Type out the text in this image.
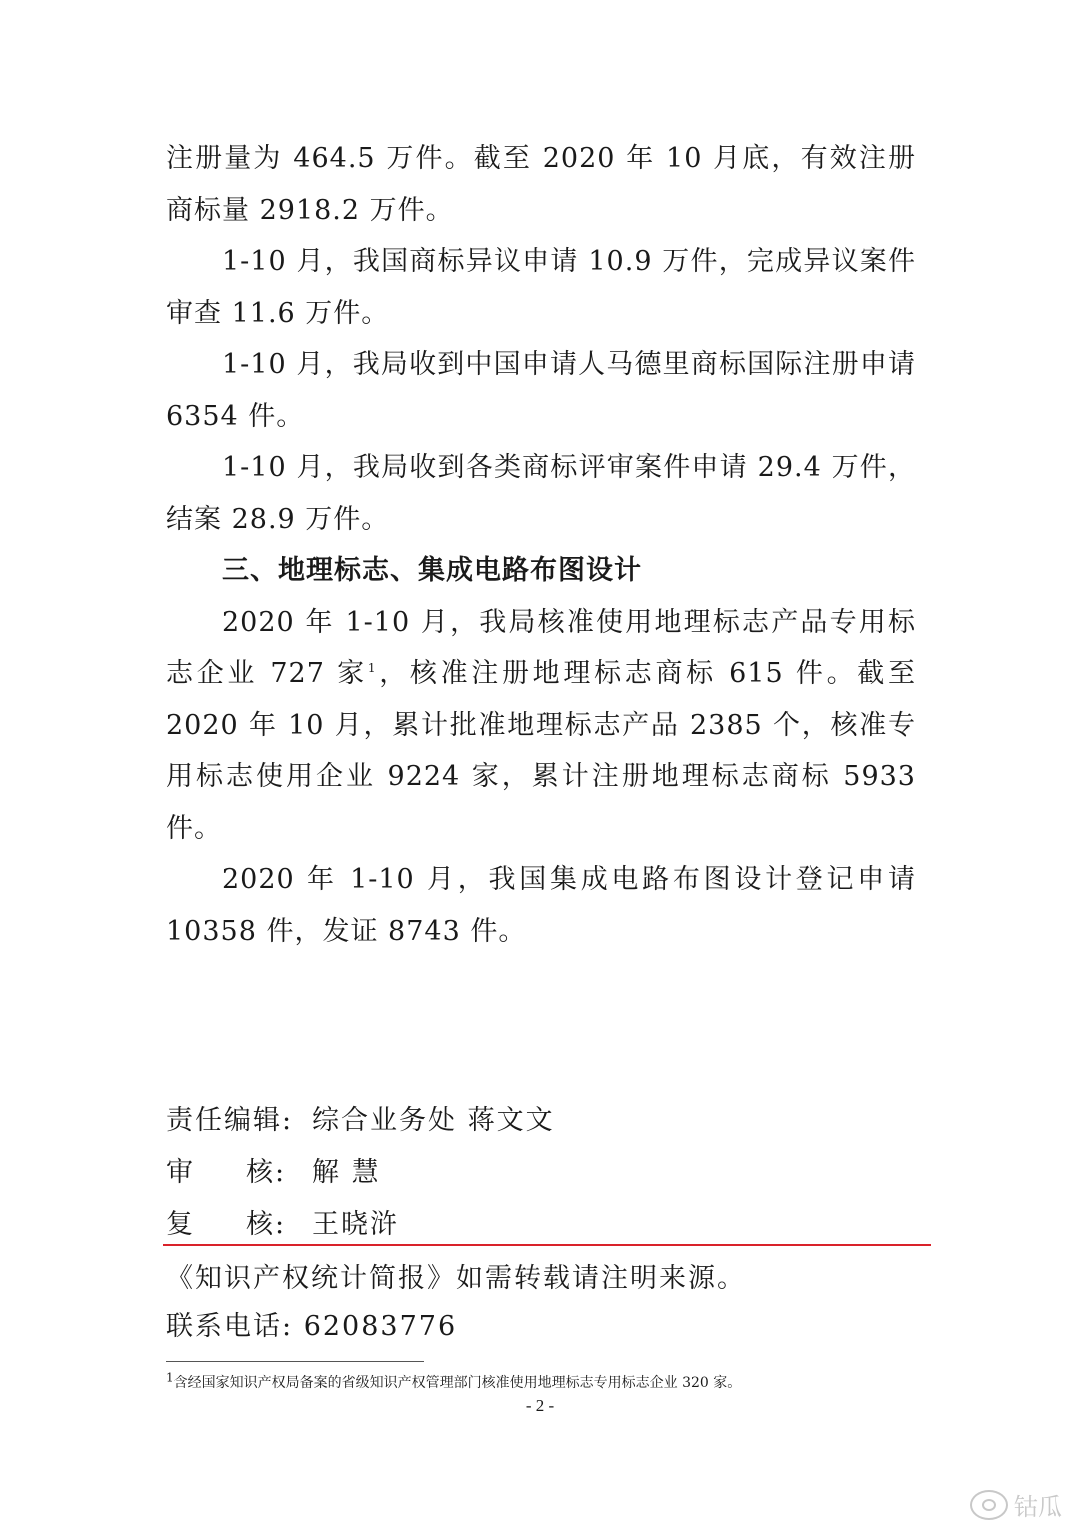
注册量为 464.5 万件。截至 2020 年 10 月底，有效注册商标量 2918.2 万件。

1-10 月，我国商标异议申请 10.9 万件，完成异议案件审查 11.6 万件。

1-10 月，我局收到中国申请人马德里商标国际注册申请 6354 件。

1-10 月，我局收到各类商标评审案件申请 29.4 万件，结案 28.9 万件。

三、地理标志、集成电路布图设计

2020 年 1-10 月，我局核准使用地理标志产品专用标志企业 727 家$^1$，核准注册地理标志商标 615 件。截至 2020 年 10 月，累计批准地理标志产品 2385 个，核准专用标志使用企业 9224 家，累计注册地理标志商标 5933 件。

2020 年 1-10 月，我国集成电路布图设计登记申请 10358 件，发证 8743 件。

责任编辑: 综合业务处 蒋文文
审 核: 解 慧
复 核: 王晓浒
《知识产权统计简报》如需转载请注明来源。
联系电话: 62083776
$^1$含经国家知识产权局备案的省级知识产权管理部门核准使用地理标志专用标志企业 320 家。
- 2 -
钴瓜
